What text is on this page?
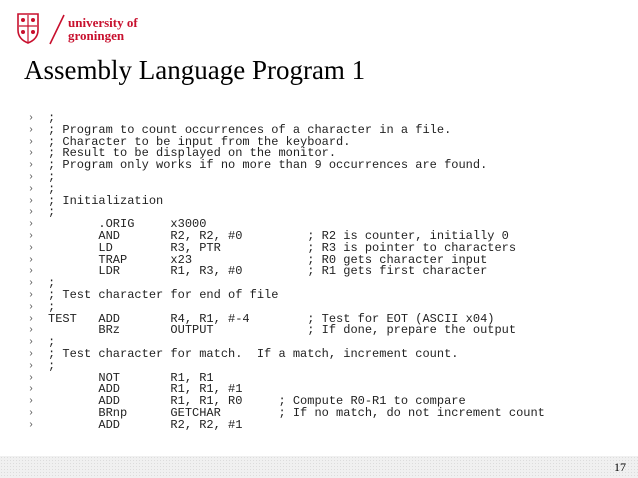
university of
groningen
Assembly Language Program 1
› ;
› ; Program to count occurrences of a character in a file.
› ; Character to be input from the keyboard.
› ; Result to be displayed on the monitor.
› ; Program only works if no more than 9 occurrences are found.
› ;
› ;
› ; Initialization
› ;
›       .ORIG     x3000
›       AND       R2, R2, #0         ; R2 is counter, initially 0
›       LD        R3, PTR            ; R3 is pointer to characters
›       TRAP      x23                ; R0 gets character input
›       LDR       R1, R3, #0         ; R1 gets first character
› ;
› ; Test character for end of file
› ;
› TEST   ADD       R4, R1, #-4        ; Test for EOT (ASCII x04)
›       BRz       OUTPUT             ; If done, prepare the output
› ;
› ; Test character for match.  If a match, increment count.
› ;
›       NOT       R1, R1
›       ADD       R1, R1, #1
›       ADD       R1, R1, R0     ; Compute R0-R1 to compare
›       BRnp      GETCHAR        ; If no match, do not increment count
›       ADD       R2, R2, #1
17
